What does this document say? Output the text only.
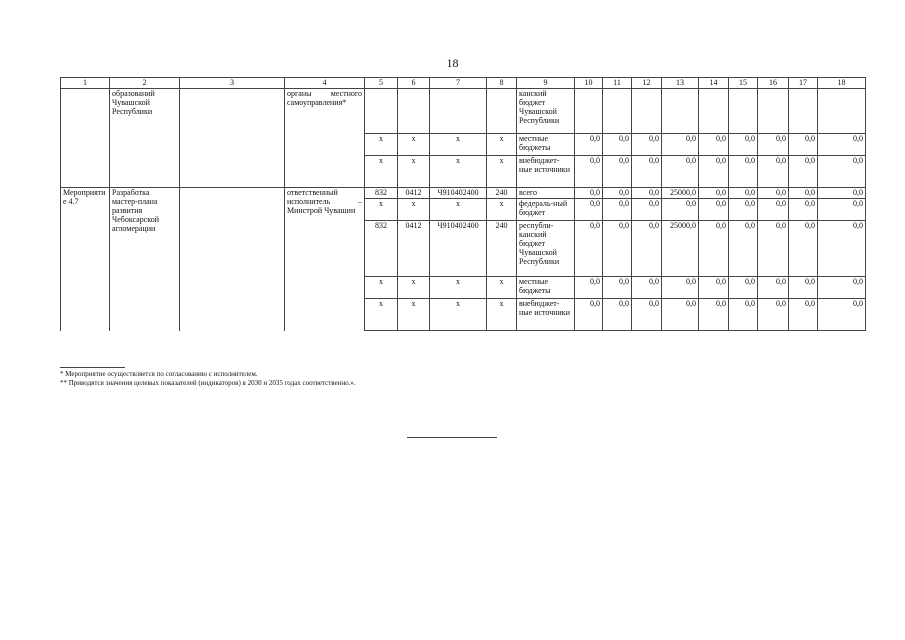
18
1	2	3	4	5	6	7	8	9	10	11	12	13	14	15	16	17	18
	образований Чувашской Республики		органы местного самоуправления*					канский бюджет Чувашской Республики									
				x	x	x	x	местные бюджеты	0,0	0,0	0,0	0,0	0,0	0,0	0,0	0,0	0,0
				x	x	x	x	внебюджет-ные источники	0,0	0,0	0,0	0,0	0,0	0,0	0,0	0,0	0,0
Мероприятие 4.7	Разработка мастер-плана развития Чебоксарской агломерации		ответственный исполнитель – Минстрой Чувашии	832	0412	Ч910402400	240	всего	0,0	0,0	0,0	25000,0	0,0	0,0	0,0	0,0	0,0
				x	x	x	x	федераль-ный бюджет	0,0	0,0	0,0	0,0	0,0	0,0	0,0	0,0	0,0
				832	0412	Ч910402400	240	республи-канский бюджет Чувашской Республики	0,0	0,0	0,0	25000,0	0,0	0,0	0,0	0,0	0,0
				x	x	x	x	местные бюджеты	0,0	0,0	0,0	0,0	0,0	0,0	0,0	0,0	0,0
				x	x	x	x	внебюджет-ные источники	0,0	0,0	0,0	0,0	0,0	0,0	0,0	0,0	0,0
* Мероприятие осуществляется по согласованию с исполнителем.
** Приводятся значения целевых показателей (индикаторов) в 2030 и 2035 годах соответственно.».
